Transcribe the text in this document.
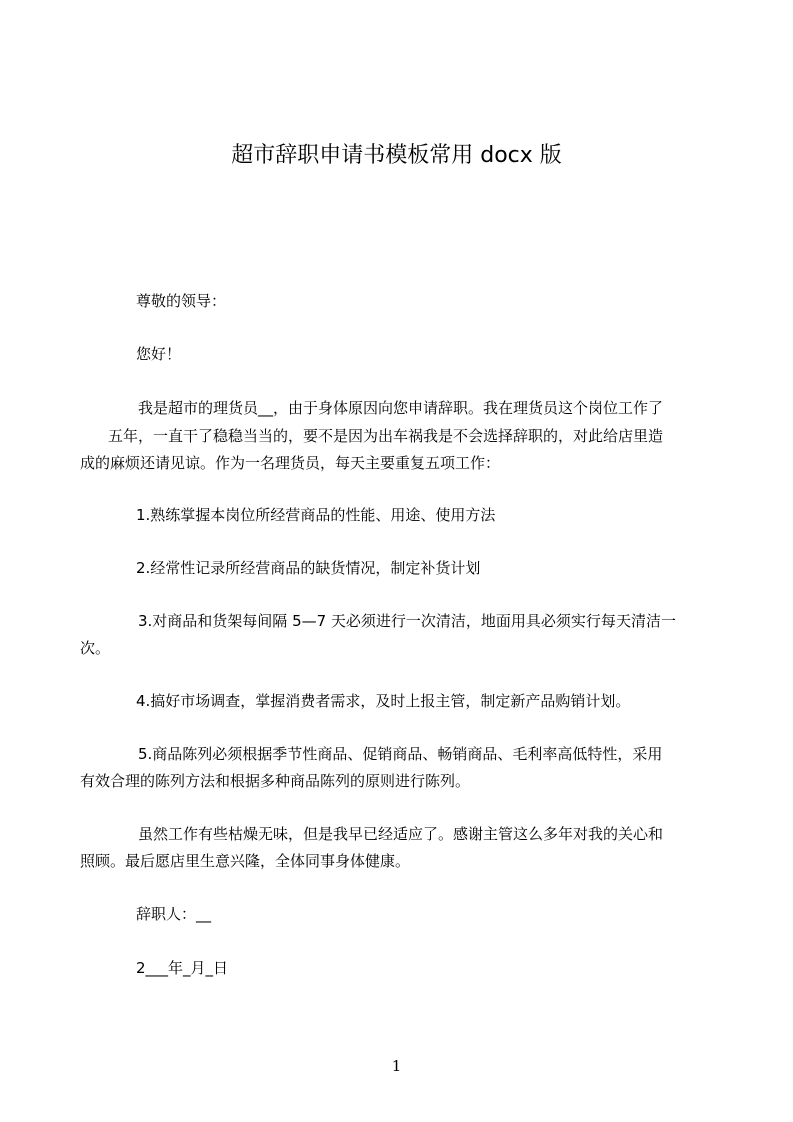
超市辞职申请书模板常用 docx 版
尊敬的领导：
您好！
我是超市的理货员__，由于身体原因向您申请辞职。我在理货员这个岗位工作了
五年，一直干了稳稳当当的，要不是因为出车祸我是不会选择辞职的，对此给店里造
成的麻烦还请见谅。作为一名理货员，每天主要重复五项工作：
1.熟练掌握本岗位所经营商品的性能、用途、使用方法
2.经常性记录所经营商品的缺货情况，制定补货计划
3.对商品和货架每间隔 5—7 天必须进行一次清洁，地面用具必须实行每天清洁一
次。
4.搞好市场调查，掌握消费者需求，及时上报主管，制定新产品购销计划。
5.商品陈列必须根据季节性商品、促销商品、畅销商品、毛利率高低特性，采用
有效合理的陈列方法和根据多种商品陈列的原则进行陈列。
虽然工作有些枯燥无味，但是我早已经适应了。感谢主管这么多年对我的关心和
照顾。最后愿店里生意兴隆，全体同事身体健康。
辞职人：__
2___年_月_日
1
